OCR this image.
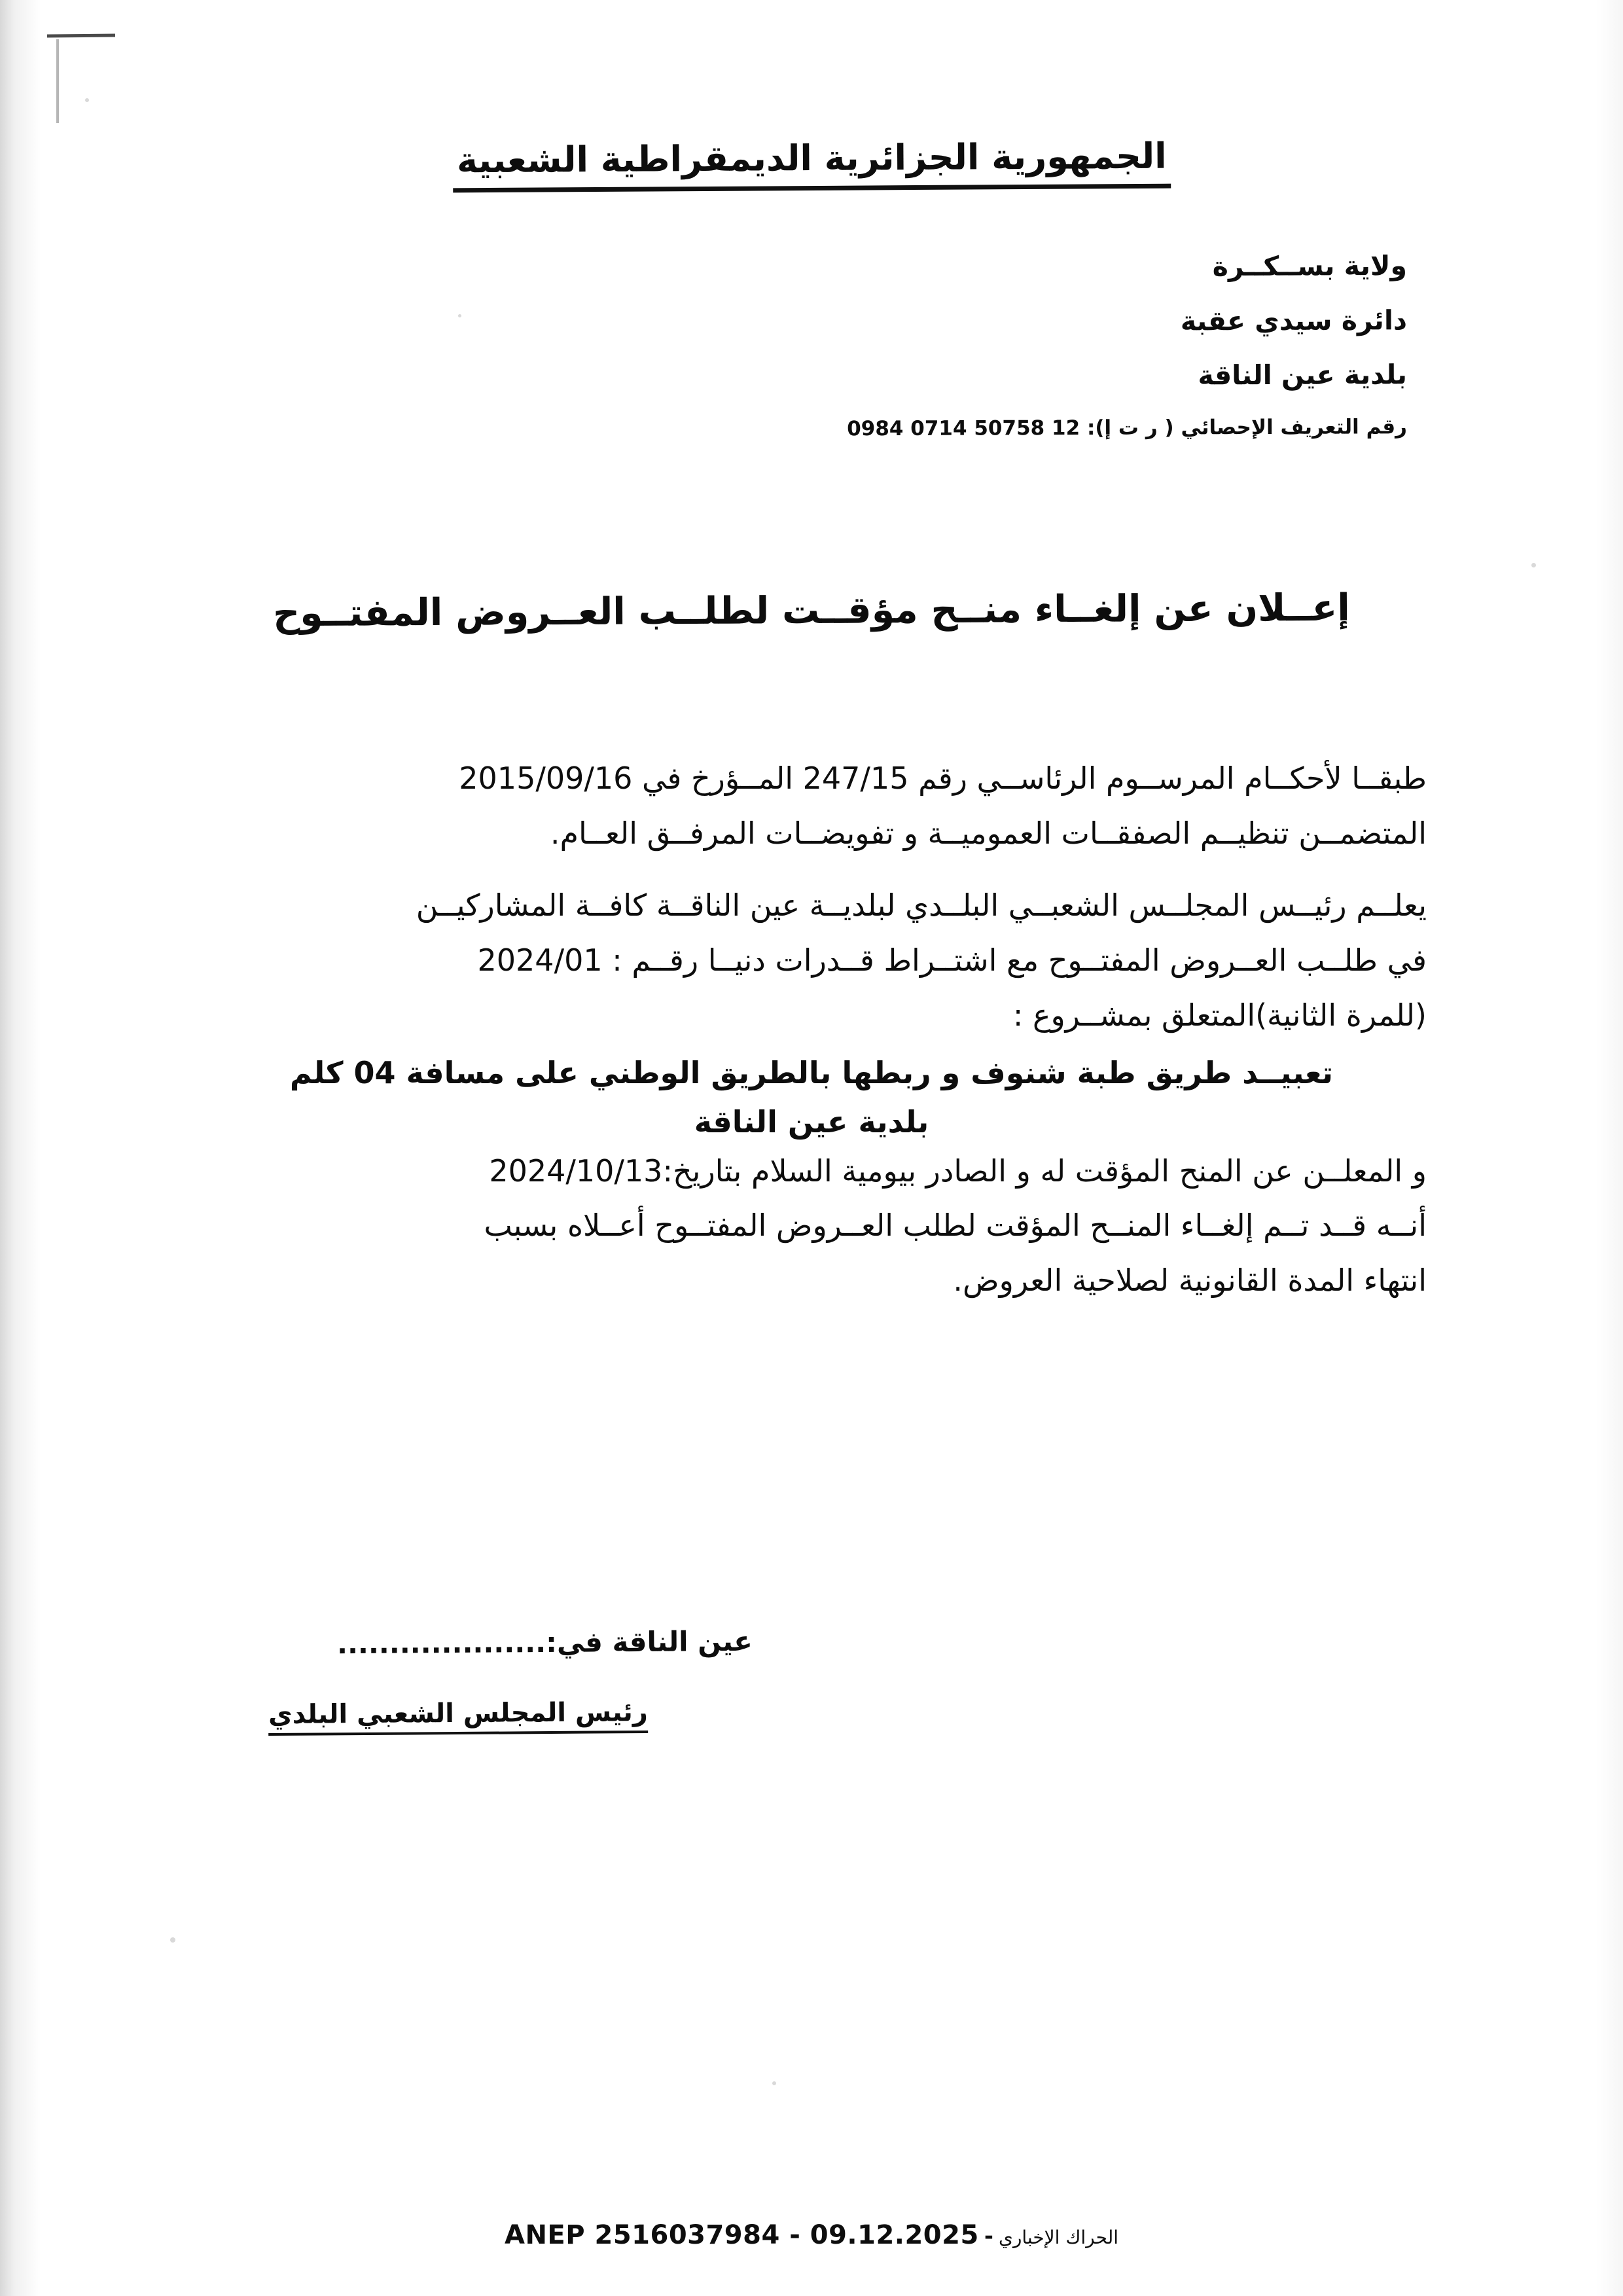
الجمهورية الجزائرية الديمقراطية الشعبية
ولاية بســكــرة
دائرة سيدي عقبة
بلدية عين الناقة
رقم التعريف الإحصائي ( ر ت إ): 12 50758 0714 0984
إعــلان عن إلغــاء منــح مؤقــت لطلــب العــروض المفتــوح

طبقــا لأحكــام المرســوم الرئاســي رقم 247/15 المــؤرخ في 2015/09/16

المتضمــن تنظيــم الصفقــات العموميــة و تفويضــات المرفــق العــام.

يعلــم رئيــس المجلــس الشعبــي البلــدي لبلديــة عين الناقــة كافــة المشاركيــن

في طلــب العــروض المفتــوح مع اشتــراط قــدرات دنيــا رقــم : 2024/01

(للمرة الثانية)المتعلق بمشــروع :

تعبيــد طريق طبة شنوف و ربطها بالطريق الوطني على مسافة 04 كلم
بلدية عين الناقة

و المعلــن عن المنح المؤقت له و الصادر بيومية السلام بتاريخ:2024/10/13

أنــه قــد تــم إلغــاء المنــح المؤقت لطلب العــروض المفتــوح أعــلاه بسبب

انتهاء المدة القانونية لصلاحية العروض.

عين الناقة في:....................
رئيس المجلس الشعبي البلدي
ANEP 2516037984 - 09.12.2025 - الحراك الإخباري
